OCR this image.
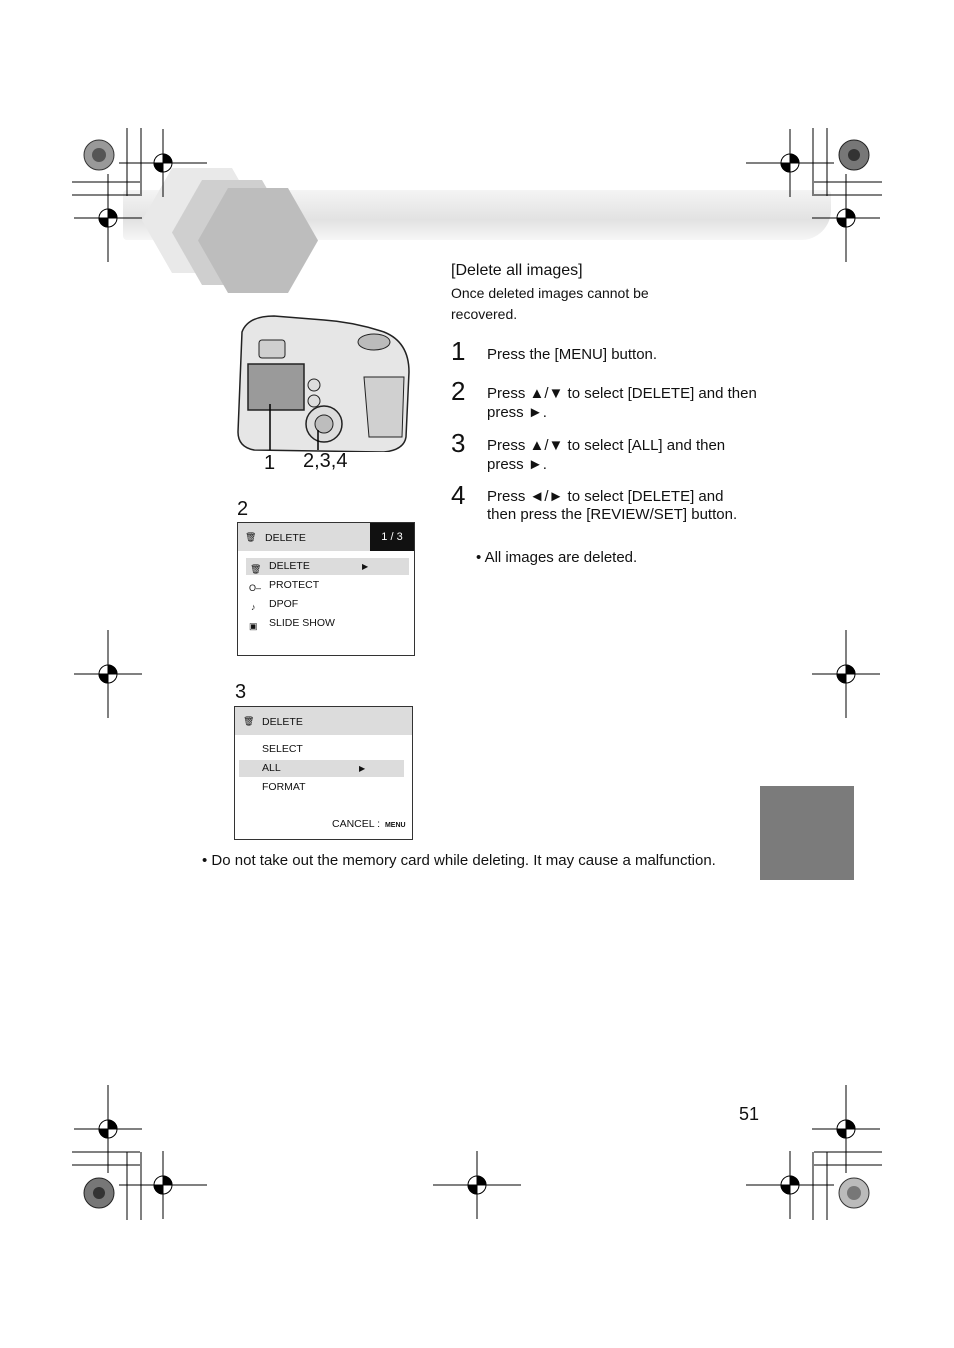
1 2,3,4
2
🗑 DELETE	1 / 3
🗑 DELETE	▶
O‒ PROTECT
♪ DPOF
▣ SLIDE SHOW
3
🗑 DELETE
SELECT
ALL	▶
FORMAT
CANCEL : MENU
[Delete all images]
Once deleted images cannot be recovered.
1 Press the [MENU] button.
2 Press ▲/▼ to select [DELETE] and then press ►.
3 Press ▲/▼ to select [ALL] and then press ►.
4 Press ◄/► to select [DELETE] and then press the [REVIEW/SET] button.
• All images are deleted.
• Do not take out the memory card while deleting. It may cause a malfunction.
51
